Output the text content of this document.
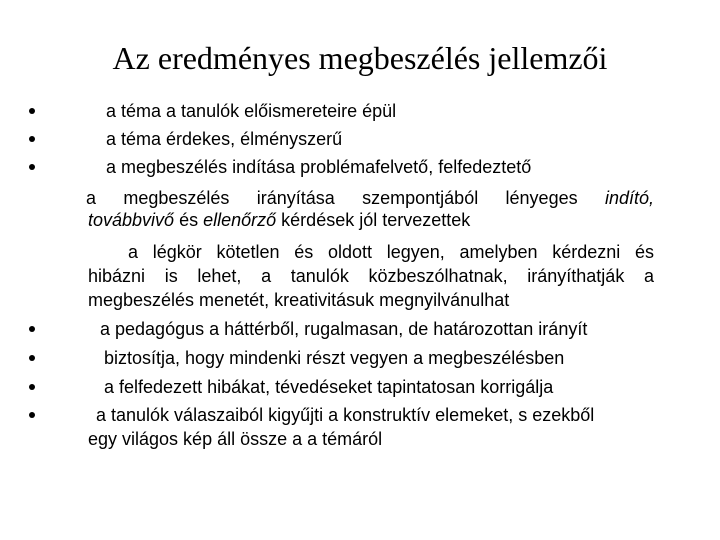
Az eredményes megbeszélés jellemzői

a téma a tanulók előismereteire épül

a téma érdekes, élményszerű

a megbeszélés indítása problémafelvető, felfedeztető

a megbeszélés irányítása szempontjából lényeges indító,

továbbvivő és ellenőrző kérdések jól tervezettek

a légkör kötetlen és oldott legyen, amelyben kérdezni és

hibázni is lehet, a tanulók közbeszólhatnak, irányíthatják a

megbeszélés menetét, kreativitásuk megnyilvánulhat

a pedagógus a háttérből, rugalmasan, de határozottan irányít

biztosítja, hogy mindenki részt vegyen a megbeszélésben

a felfedezett hibákat, tévedéseket tapintatosan korrigálja

a tanulók válaszaiból kigyűjti a konstruktív elemeket, s ezekből

egy világos kép áll össze a a témáról
